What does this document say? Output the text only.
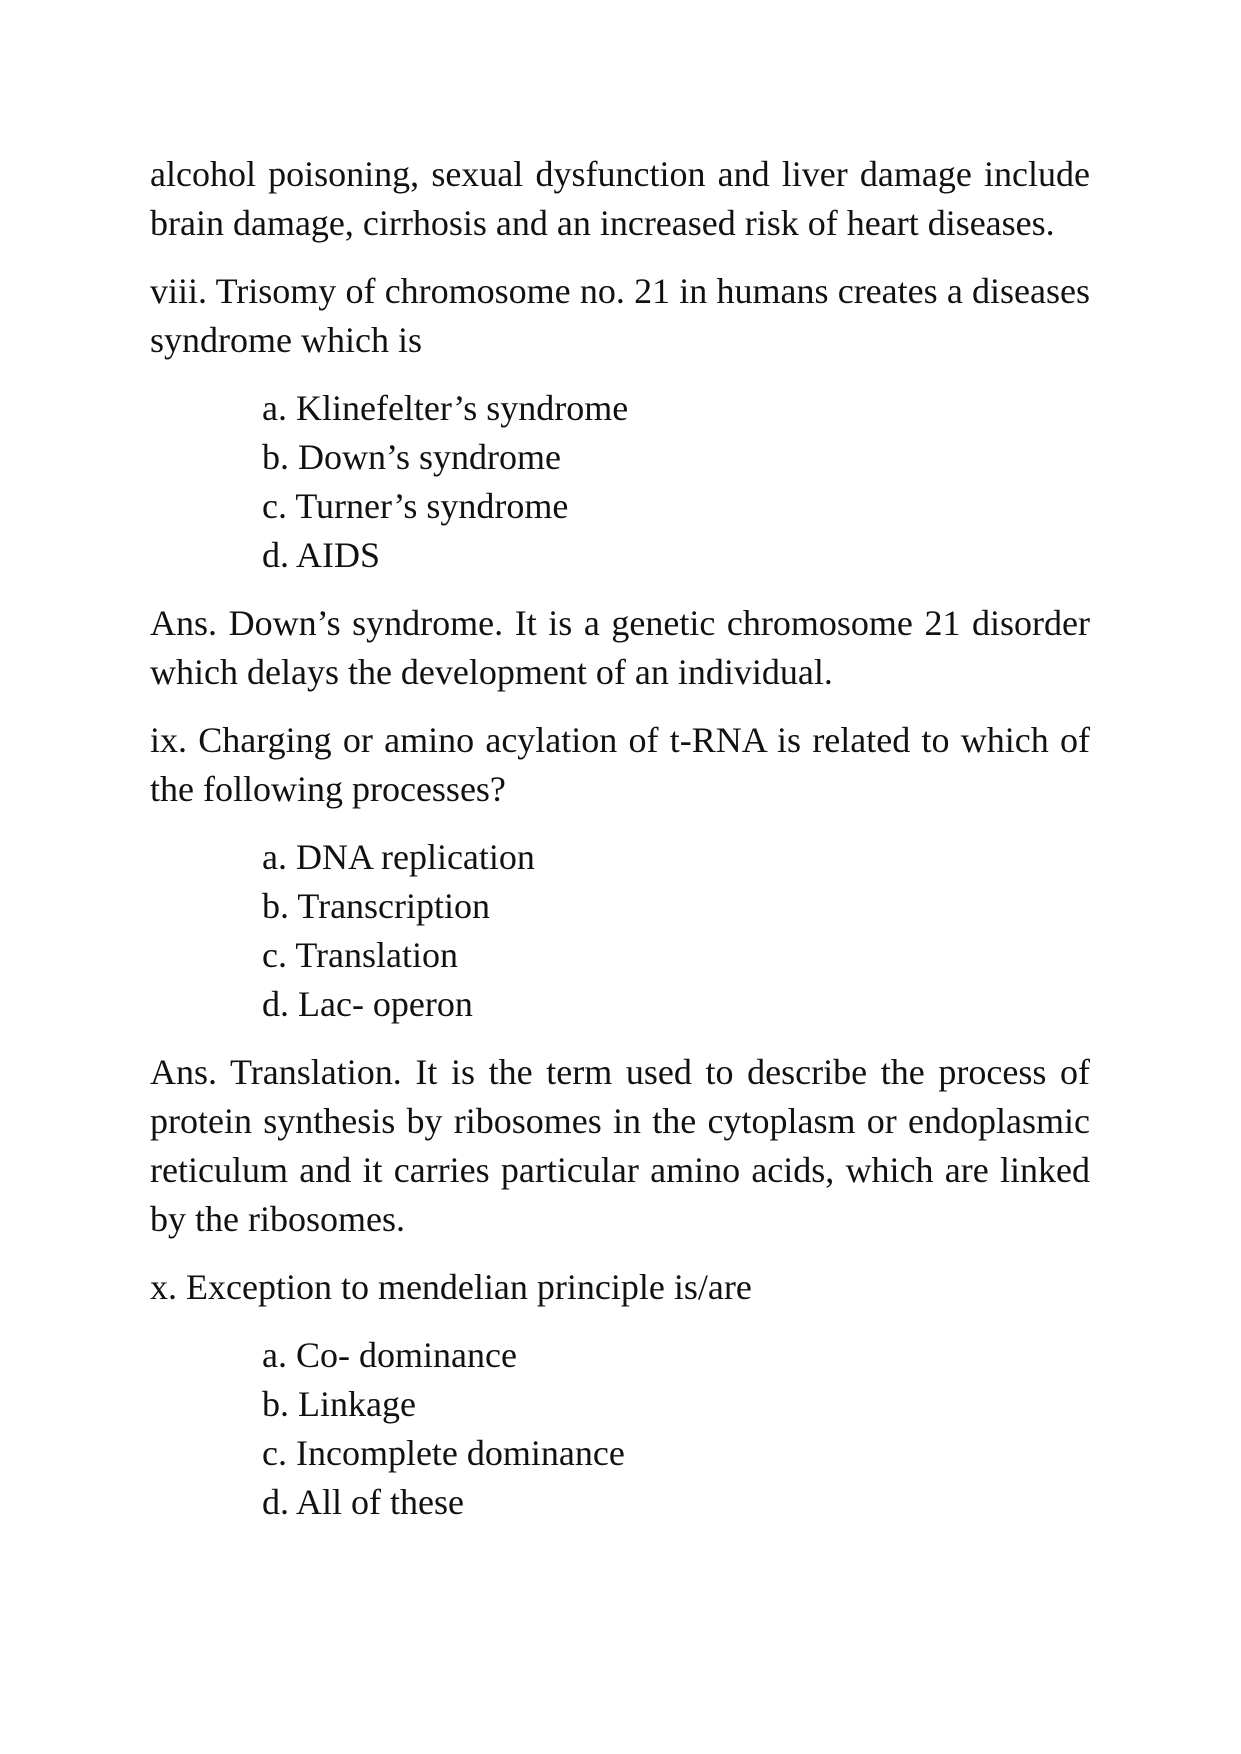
alcohol poisoning, sexual dysfunction and liver damage include brain damage, cirrhosis and an increased risk of heart diseases.

viii. Trisomy of chromosome no. 21 in humans creates a diseases syndrome which is

a. Klinefelter’s syndrome
b. Down’s syndrome
c. Turner’s syndrome
d. AIDS

Ans. Down’s syndrome. It is a genetic chromosome 21 disorder which delays the development of an individual.

ix. Charging or amino acylation of t-RNA is related to which of the following processes?

a. DNA replication
b. Transcription
c. Translation
d. Lac- operon

Ans. Translation. It is the term used to describe the process of protein synthesis by ribosomes in the cytoplasm or endoplasmic reticulum and it carries particular amino acids, which are linked by the ribosomes.

x. Exception to mendelian principle is/are

a. Co- dominance
b. Linkage
c. Incomplete dominance
d. All of these
